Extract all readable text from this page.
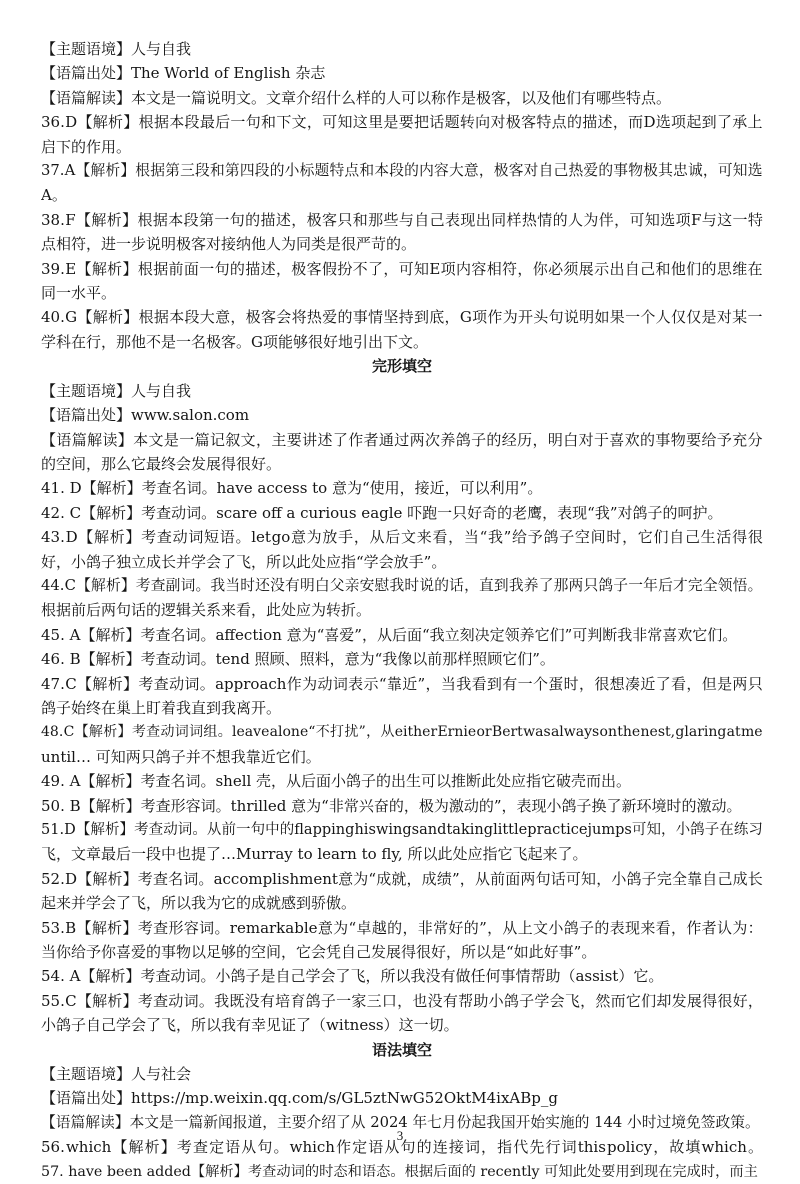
【主题语境】人与自我
【语篇出处】The World of English 杂志
【语篇解读】本文是一篇说明文。文章介绍什么样的人可以称作是极客，以及他们有哪些特点。
36. D 【 解 析 】 根 据 本 段 最 后 一 句 和 下 文 ， 可 知 这 里 是 要 把 话 题 转 向 对 极 客 特 点 的 描 述 ， 而 D 选 项 起 到 了 承 上
启下的作用。
37. A 【 解 析 】 根 据 第 三 段 和 第 四 段 的 小 标 题 特 点 和 本 段 的 内 容 大 意 ， 极 客 对 自 己 热 爱 的 事 物 极 其 忠 诚 ， 可 知 选
A。
38. F 【 解 析 】 根 据 本 段 第 一 句 的 描 述 ， 极 客 只 和 那 些 与 自 己 表 现 出 同 样 热 情 的 人 为 伴 ， 可 知 选 项 F 与 这 一 特
点相符，进一步说明极客对接纳他人为同类是很严苛的。
39. E 【 解 析 】 根 据 前 面 一 句 的 描 述 ， 极 客 假 扮 不 了 ， 可 知 E 项 内 容 相 符 ， 你 必 须 展 示 出 自 己 和 他 们 的 思 维 在
同一水平。
40. G 【 解 析 】 根 据 本 段 大 意 ， 极 客 会 将 热 爱 的 事 情 坚 持 到 底 ， G 项 作 为 开 头 句 说 明 如 果 一 个 人 仅 仅 是 对 某 一
学科在行，那他不是一名极客。G项能够很好地引出下文。
完形填空
【主题语境】人与自我
【语篇出处】www.salon.com
【 语 篇 解 读 】 本 文 是 一 篇 记 叙 文 ， 主 要 讲 述 了 作 者 通 过 两 次 养 鸽 子 的 经 历 ， 明 白 对 于 喜 欢 的 事 物 要 给 予 充 分
的空间，那么它最终会发展得很好。
41. D【解析】考查名词。have access to 意为“使用，接近，可以利用”。
42. C【解析】考查动词。scare off a curious eagle 吓跑一只好奇的老鹰，表现“我”对鸽子的呵护。
43. D 【 解 析 】 考 查 动 词 短 语 。 let go 意 为 放 手 ， 从 后 文 来 看 ， 当 “ 我 ” 给 予 鸽 子 空 间 时 ， 它 们 自 己 生 活 得 很
好，小鸽子独立成长并学会了飞，所以此处应指“学会放手”。
44. C 【 解 析 】 考 查 副 词 。 我 当 时 还 没 有 明 白 父 亲 安 慰 我 时 说 的 话 ， 直 到 我 养 了 那 两 只 鸽 子 一 年 后 才 完 全 领 悟 。
根据前后两句话的逻辑关系来看，此处应为转折。
45. A【解析】考查名词。affection 意为“喜爱”，从后面“我立刻决定领养它们”可判断我非常喜欢它们。
46. B【解析】考查动词。tend 照顾、照料，意为“我像以前那样照顾它们”。
47. C 【 解 析 】 考 查 动 词 。 approach 作 为 动 词 表 示 “ 靠 近 ” ， 当 我 看 到 有 一 个 蛋 时 ， 很 想 凑 近 了 看 ， 但 是 两 只
鸽子始终在巢上盯着我直到我离开。
48. C 【 解 析 】 考 查 动 词 词 组 。 leave alone“ 不 打 扰 ” ， 从 either Ernie or Bert was always on the nest, glaring at me
until… 可知两只鸽子并不想我靠近它们。
49. A【解析】考查名词。shell 壳，从后面小鸽子的出生可以推断此处应指它破壳而出。
50. B【解析】考查形容词。thrilled 意为“非常兴奋的，极为激动的”，表现小鸽子换了新环境时的激动。
51. D 【 解 析 】 考 查 动 词 。 从 前 一 句 中 的 flapping his wings and taking little practice jumps 可 知 ， 小 鸽 子 在 练 习
飞，文章最后一段中也提了…Murray to learn to fly, 所以此处应指它飞起来了。
52. D 【 解 析 】 考 查 名 词 。 accomplishment 意 为 “ 成 就 ， 成 绩 ” ， 从 前 面 两 句 话 可 知 ， 小 鸽 子 完 全 靠 自 己 成 长
起来并学会了飞，所以我为它的成就感到骄傲。
53. B 【 解 析 】 考 查 形 容 词 。 remarkable 意 为 “ 卓 越 的 ， 非 常 好 的 ” ， 从 上 文 小 鸽 子 的 表 现 来 看 ， 作 者 认 为 ：
当你给予你喜爱的事物以足够的空间，它会凭自己发展得很好，所以是“如此好事”。
54. A【解析】考查动词。小鸽子是自己学会了飞，所以我没有做任何事情帮助（assist）它。
55. C 【 解 析 】 考 查 动 词 。 我 既 没 有 培 育 鸽 子 一 家 三 口 ， 也 没 有 帮 助 小 鸽 子 学 会 飞 ， 然 而 它 们 却 发 展 得 很 好 ，
小鸽子自己学会了飞，所以我有幸见证了（witness）这一切。
语法填空
【主题语境】人与社会
【语篇出处】https://mp.weixin.qq.com/s/GL5ztNwG52OktM4ixABp_g
【语篇解读】本文是一篇新闻报道，主要介绍了从 2024 年七月份起我国开始实施的 144 小时过境免签政策。
56. which 【 解 析 】 考 查 定 语 从 句 。 which 作 定 语 从 句 的 连 接 词 ， 指 代 先 行 词 this policy ， 故 填 which 。
57. have been added【解析】考查动词的时态和语态。根据后面的 recently 可知此处要用到现在完成时，而主
3
